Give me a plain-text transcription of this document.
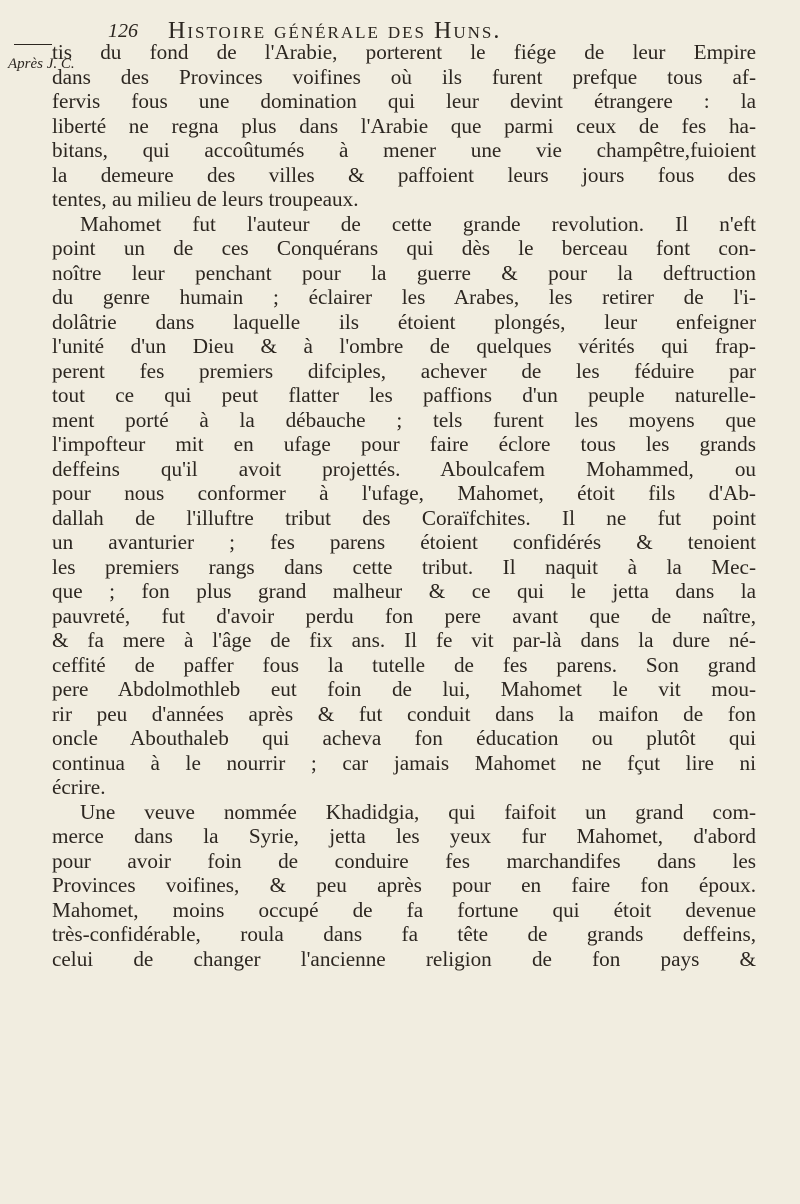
126 Histoire générale des Huns.
Après J. C.
tis du fond de l'Arabie, porterent le fiége de leur Empire
dans des Provinces voifines où ils furent prefque tous af-
fervis fous une domination qui leur devint étrangere : la
liberté ne regna plus dans l'Arabie que parmi ceux de fes ha-
bitans, qui accoûtumés à mener une vie champêtre,fuioient
la demeure des villes & paffoient leurs jours fous des
tentes, au milieu de leurs troupeaux.
Mahomet fut l'auteur de cette grande revolution. Il n'eft
point un de ces Conquérans qui dès le berceau font con-
noître leur penchant pour la guerre & pour la deftruction
du genre humain ; éclairer les Arabes, les retirer de l'i-
dolâtrie dans laquelle ils étoient plongés, leur enfeigner
l'unité d'un Dieu & à l'ombre de quelques vérités qui frap-
perent fes premiers difciples, achever de les féduire par
tout ce qui peut flatter les paffions d'un peuple naturelle-
ment porté à la débauche ; tels furent les moyens que
l'impofteur mit en ufage pour faire éclore tous les grands
deffeins qu'il avoit projettés. Aboulcafem Mohammed, ou
pour nous conformer à l'ufage, Mahomet, étoit fils d'Ab-
dallah de l'illuftre tribut des Coraïfchites. Il ne fut point
un avanturier ; fes parens étoient confidérés & tenoient
les premiers rangs dans cette tribut. Il naquit à la Mec-
que ; fon plus grand malheur & ce qui le jetta dans la
pauvreté, fut d'avoir perdu fon pere avant que de naître,
& fa mere à l'âge de fix ans. Il fe vit par-là dans la dure né-
ceffité de paffer fous la tutelle de fes parens. Son grand
pere Abdolmothleb eut foin de lui, Mahomet le vit mou-
rir peu d'années après & fut conduit dans la maifon de fon
oncle Abouthaleb qui acheva fon éducation ou plutôt qui
continua à le nourrir ; car jamais Mahomet ne fçut lire ni
écrire.
Une veuve nommée Khadidgia, qui faifoit un grand com-
merce dans la Syrie, jetta les yeux fur Mahomet, d'abord
pour avoir foin de conduire fes marchandifes dans les
Provinces voifines, & peu après pour en faire fon époux.
Mahomet, moins occupé de fa fortune qui étoit devenue
très-confidérable, roula dans fa tête de grands deffeins,
celui de changer l'ancienne religion de fon pays &
